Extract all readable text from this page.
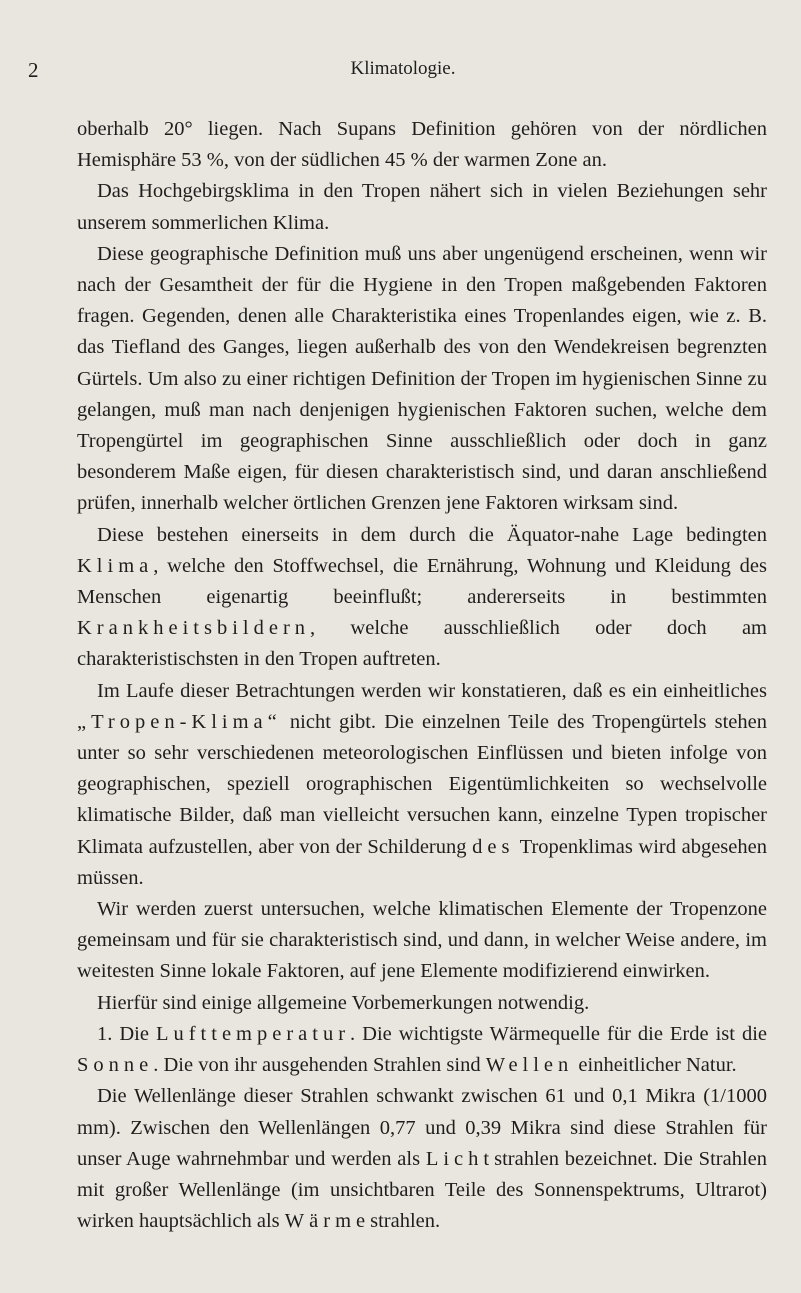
2	Klimatologie.

oberhalb 20° liegen. Nach Supans Definition gehören von der nördlichen Hemisphäre 53 %, von der südlichen 45 % der warmen Zone an.

Das Hochgebirgsklima in den Tropen nähert sich in vielen Beziehungen sehr unserem sommerlichen Klima.

Diese geographische Definition muß uns aber ungenügend erscheinen, wenn wir nach der Gesamtheit der für die Hygiene in den Tropen maßgebenden Faktoren fragen. Gegenden, denen alle Charakteristika eines Tropenlandes eigen, wie z. B. das Tiefland des Ganges, liegen außerhalb des von den Wendekreisen begrenzten Gürtels. Um also zu einer richtigen Definition der Tropen im hygienischen Sinne zu gelangen, muß man nach denjenigen hygienischen Faktoren suchen, welche dem Tropengürtel im geographischen Sinne ausschließlich oder doch in ganz besonderem Maße eigen, für diesen charakteristisch sind, und daran anschließend prüfen, innerhalb welcher örtlichen Grenzen jene Faktoren wirksam sind.

Diese bestehen einerseits in dem durch die Äquator-nahe Lage bedingten Klima, welche den Stoffwechsel, die Ernährung, Wohnung und Kleidung des Menschen eigenartig beeinflußt; andererseits in bestimmten Krankheitsbildern, welche ausschließlich oder doch am charakteristischsten in den Tropen auftreten.

Im Laufe dieser Betrachtungen werden wir konstatieren, daß es ein einheitliches „Tropen-Klima“ nicht gibt. Die einzelnen Teile des Tropengürtels stehen unter so sehr verschiedenen meteorologischen Einflüssen und bieten infolge von geographischen, speziell orographischen Eigentümlichkeiten so wechselvolle klimatische Bilder, daß man vielleicht versuchen kann, einzelne Typen tropischer Klimata aufzustellen, aber von der Schilderung des Tropenklimas wird abgesehen müssen.

Wir werden zuerst untersuchen, welche klimatischen Elemente der Tropenzone gemeinsam und für sie charakteristisch sind, und dann, in welcher Weise andere, im weitesten Sinne lokale Faktoren, auf jene Elemente modifizierend einwirken.

Hierfür sind einige allgemeine Vorbemerkungen notwendig.

1. Die Lufttemperatur. Die wichtigste Wärmequelle für die Erde ist die Sonne. Die von ihr ausgehenden Strahlen sind Wellen einheitlicher Natur.

Die Wellenlänge dieser Strahlen schwankt zwischen 61 und 0,1 Mikra (1/1000 mm). Zwischen den Wellenlängen 0,77 und 0,39 Mikra sind diese Strahlen für unser Auge wahrnehmbar und werden als Lichtstrahlen bezeichnet. Die Strahlen mit großer Wellenlänge (im unsichtbaren Teile des Sonnenspektrums, Ultrarot) wirken hauptsächlich als Wärmestrahlen.
